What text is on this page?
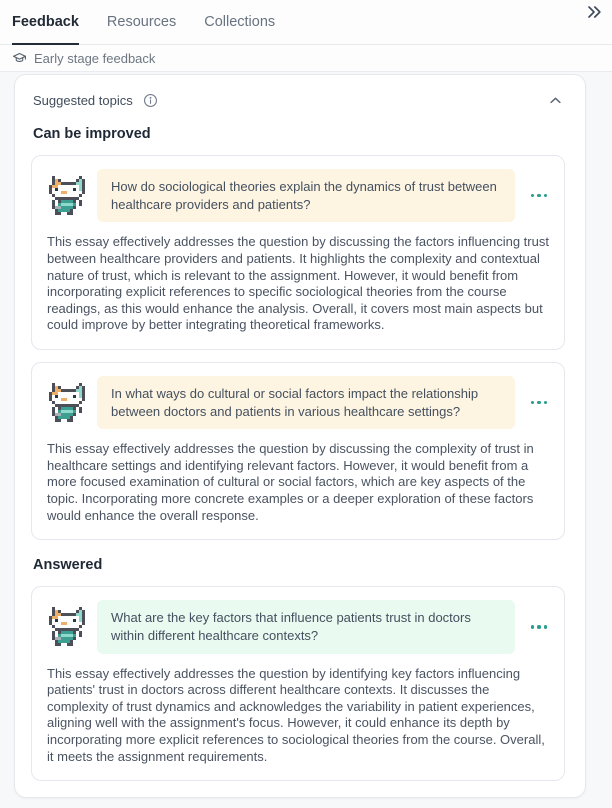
Feedback Resources Collections
Early stage feedback
Suggested topics
Can be improved
How do sociological theories explain the dynamics of trust between healthcare providers and patients?

This essay effectively addresses the question by discussing the factors influencing trust between healthcare providers and patients. It highlights the complexity and contextual nature of trust, which is relevant to the assignment. However, it would benefit from incorporating explicit references to specific sociological theories from the course readings, as this would enhance the analysis. Overall, it covers most main aspects but could improve by better integrating theoretical frameworks.

In what ways do cultural or social factors impact the relationship between doctors and patients in various healthcare settings?

This essay effectively addresses the question by discussing the complexity of trust in healthcare settings and identifying relevant factors. However, it would benefit from a more focused examination of cultural or social factors, which are key aspects of the topic. Incorporating more concrete examples or a deeper exploration of these factors would enhance the overall response.

Answered
What are the key factors that influence patients trust in doctors within different healthcare contexts?

This essay effectively addresses the question by identifying key factors influencing patients' trust in doctors across different healthcare contexts. It discusses the complexity of trust dynamics and acknowledges the variability in patient experiences, aligning well with the assignment's focus. However, it could enhance its depth by incorporating more explicit references to sociological theories from the course. Overall, it meets the assignment requirements.
